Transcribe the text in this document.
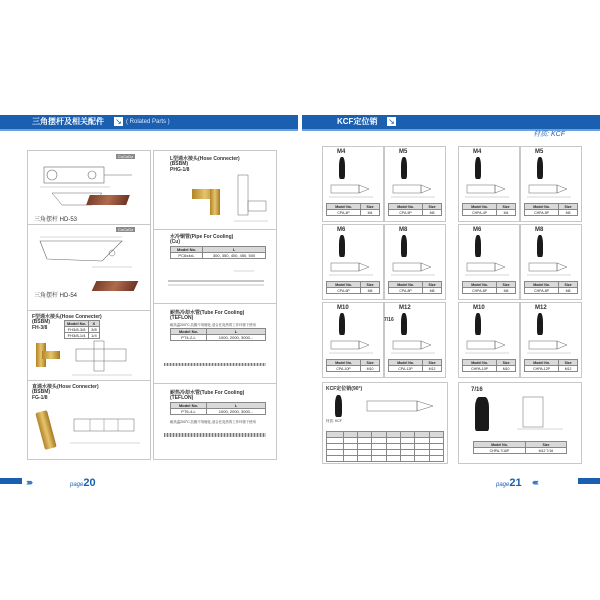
三角摆杆及相关配件 ↘ ( Rolated Parts )	KCF定位销 ↘
材质: KCF
CoCoDz
三角摆杆 HD-53
CoCoDz
三角摆杆 HD-54
F型通水接头(Hose Connecter)
(BSBM)
FH-3/8
Model No.	X
FH3/8-3/8	3/8
FH3/8-1/4	1/4
直通水接头(Hose Connecter)
(BSBM)
FG-1/8
L型通水接头(Hose Connecter)
(BSBM)
PHG-1/8
水冷铜管(Pipe For Cooling)
(Cu)
Model No.	L
PC6x4xL	300, 350, 400, 450, 500
耐热冷却水管(Tube For Cooling)
(TEFLON)
耐高温200°C,抗酸不易硬化,适合在炎热的工作环境下使用
Model No.	L
PT4-2-L	1000, 2000, 3000...
耐热冷却水管(Tube For Cooling)
(TEFLON)
Model No.	L
PT6-4-L	1000, 2000, 3000...
耐高温200°C,抗酸不易硬化,适合在炎热的工作环境下使用
M4
Model No.	Size
CPA-4P	M4
M5
Model No.	Size
CPA-5P	M5
M6
Model No.	Size
CPA-6P	M6
M8
Model No.	Size
CPA-8P	M8
M10
Model No.	Size
CPA-10P	M10
M12
Model No.	Size
CPA-12P	M12
7/16
M4
Model No.	Size
CHPA-4P	M4
M5
Model No.	Size
CHPA-5P	M5
M6
Model No.	Size
CHPA-6P	M6
M8
Model No.	Size
CHPA-8P	M8
M10
Model No.	Size
CHPA-10P	M10
M12
Model No.	Size
CHPA-12P	M12
7/16
Model No.	Size
CHPA-7/16P	M12 7/16
KCF定位销(90°)
材质: KCF

›››››	page20	page21 ‹‹‹‹‹
